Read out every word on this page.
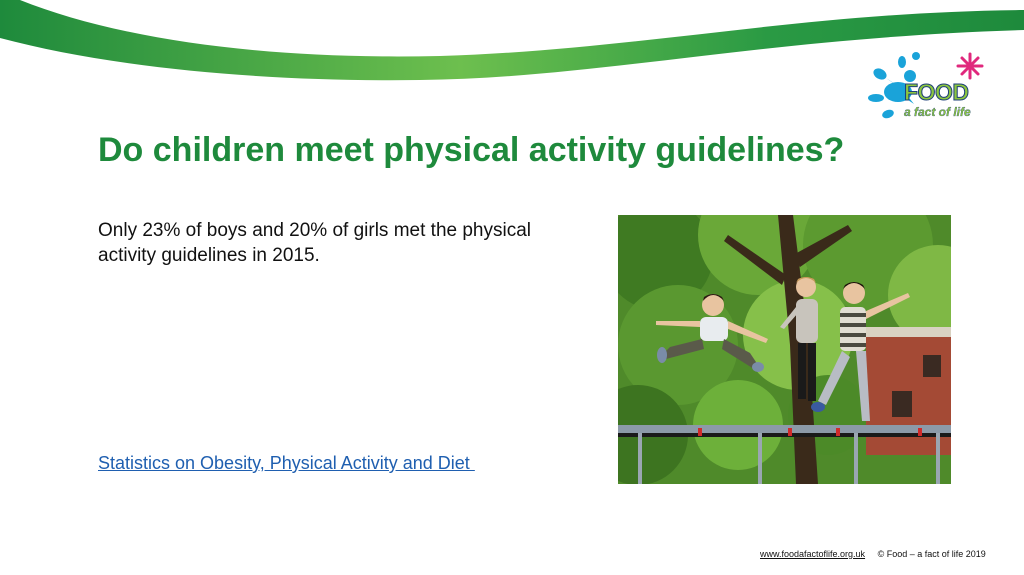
FOOD
a fact of life
Do children meet physical activity guidelines?

Only 23% of boys and 20% of girls met the physical activity guidelines in 2015.

Statistics on Obesity, Physical Activity and Diet
www.foodafactoflife.org.uk © Food – a fact of life 2019
